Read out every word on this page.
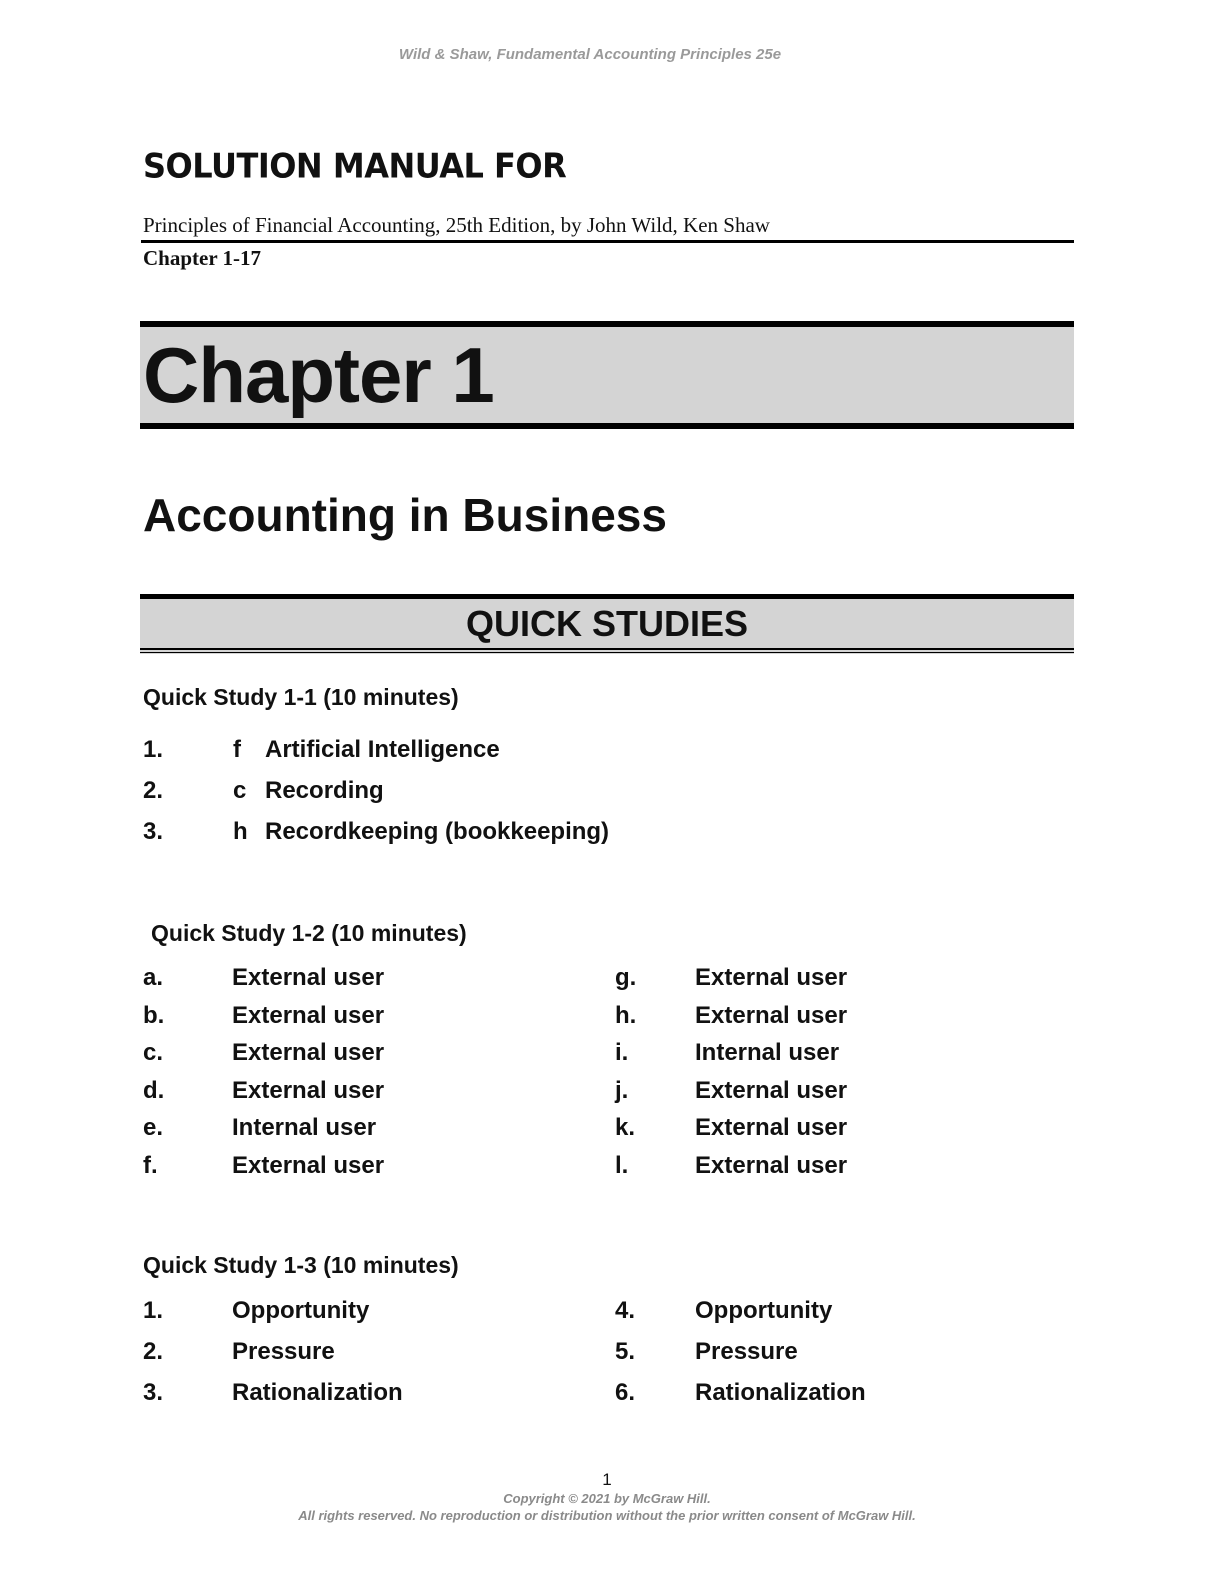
Wild & Shaw, Fundamental Accounting Principles 25e
SOLUTION MANUAL FOR
Principles of Financial Accounting, 25th Edition, by John Wild, Ken Shaw
Chapter 1-17
Chapter 1
Accounting in Business
QUICK STUDIES
Quick Study 1-1 (10 minutes)
1.	f Artificial Intelligence
2.	c Recording
3.	h Recordkeeping (bookkeeping)
Quick Study 1-2 (10 minutes)
a.	External user	g. External user
b.	External user	h. External user
c.	External user	i.	Internal user
d.	External user	j.	External user
e.	Internal user	k. External user
f.	External user	l.	External user
Quick Study 1-3 (10 minutes)
1.	Opportunity	4. Opportunity
2.	Pressure	5. Pressure
3.	Rationalization	6. Rationalization
1
Copyright © 2021 by McGraw Hill.
All rights reserved. No reproduction or distribution without the prior written consent of McGraw Hill.
